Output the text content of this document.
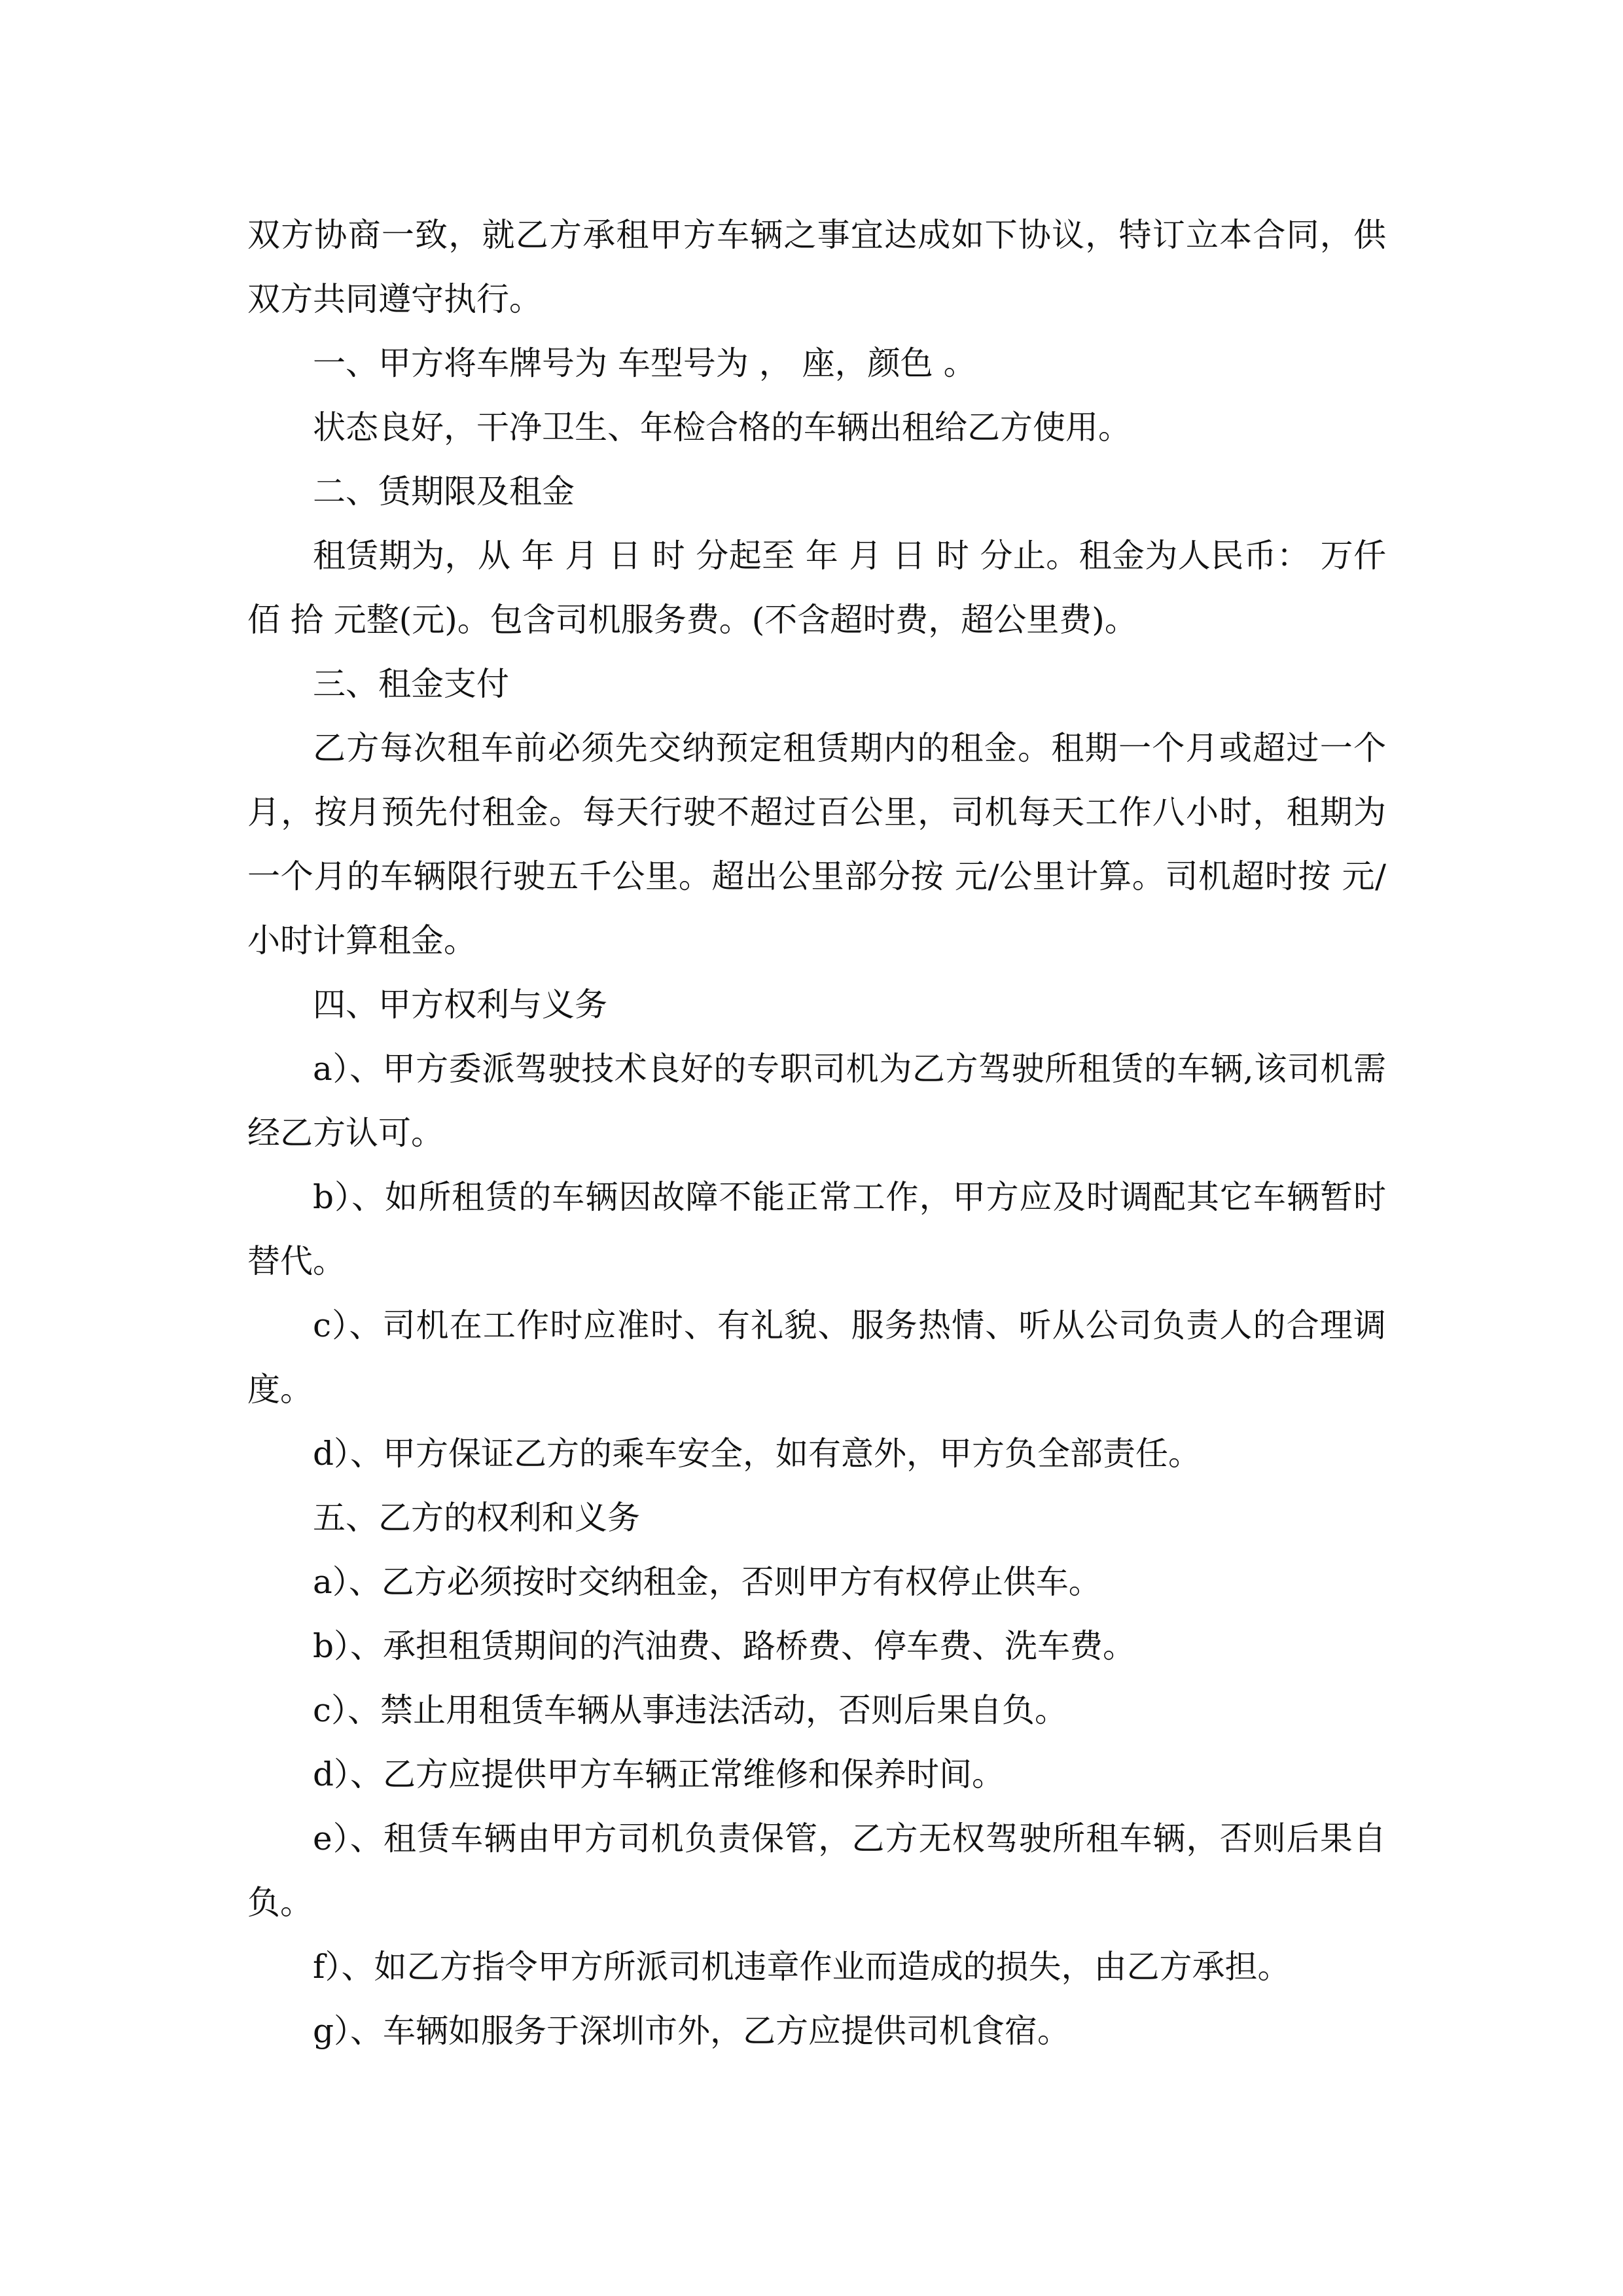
双方协商一致，就乙方承租甲方车辆之事宜达成如下协议，特订立本合同，供双方共同遵守执行。

一、甲方将车牌号为 车型号为 ， 座，颜色 。

状态良好，干净卫生、年检合格的车辆出租给乙方使用。

二、赁期限及租金

租赁期为，从 年 月 日 时 分起至 年 月 日 时 分止。租金为人民币： 万仟 佰 拾 元整(元)。包含司机服务费。(不含超时费，超公里费)。

三、租金支付

乙方每次租车前必须先交纳预定租赁期内的租金。租期一个月或超过一个月，按月预先付租金。每天行驶不超过百公里，司机每天工作八小时，租期为一个月的车辆限行驶五千公里。超出公里部分按 元/公里计算。司机超时按 元/小时计算租金。

四、甲方权利与义务

a）、甲方委派驾驶技术良好的专职司机为乙方驾驶所租赁的车辆,该司机需经乙方认可。

b）、如所租赁的车辆因故障不能正常工作，甲方应及时调配其它车辆暂时替代。

c）、司机在工作时应准时、有礼貌、服务热情、听从公司负责人的合理调度。

d）、甲方保证乙方的乘车安全，如有意外，甲方负全部责任。

五、乙方的权利和义务

a）、乙方必须按时交纳租金，否则甲方有权停止供车。

b）、承担租赁期间的汽油费、路桥费、停车费、洗车费。

c）、禁止用租赁车辆从事违法活动，否则后果自负。

d）、乙方应提供甲方车辆正常维修和保养时间。

e）、租赁车辆由甲方司机负责保管，乙方无权驾驶所租车辆，否则后果自负。

f）、如乙方指令甲方所派司机违章作业而造成的损失，由乙方承担。

g）、车辆如服务于深圳市外，乙方应提供司机食宿。
